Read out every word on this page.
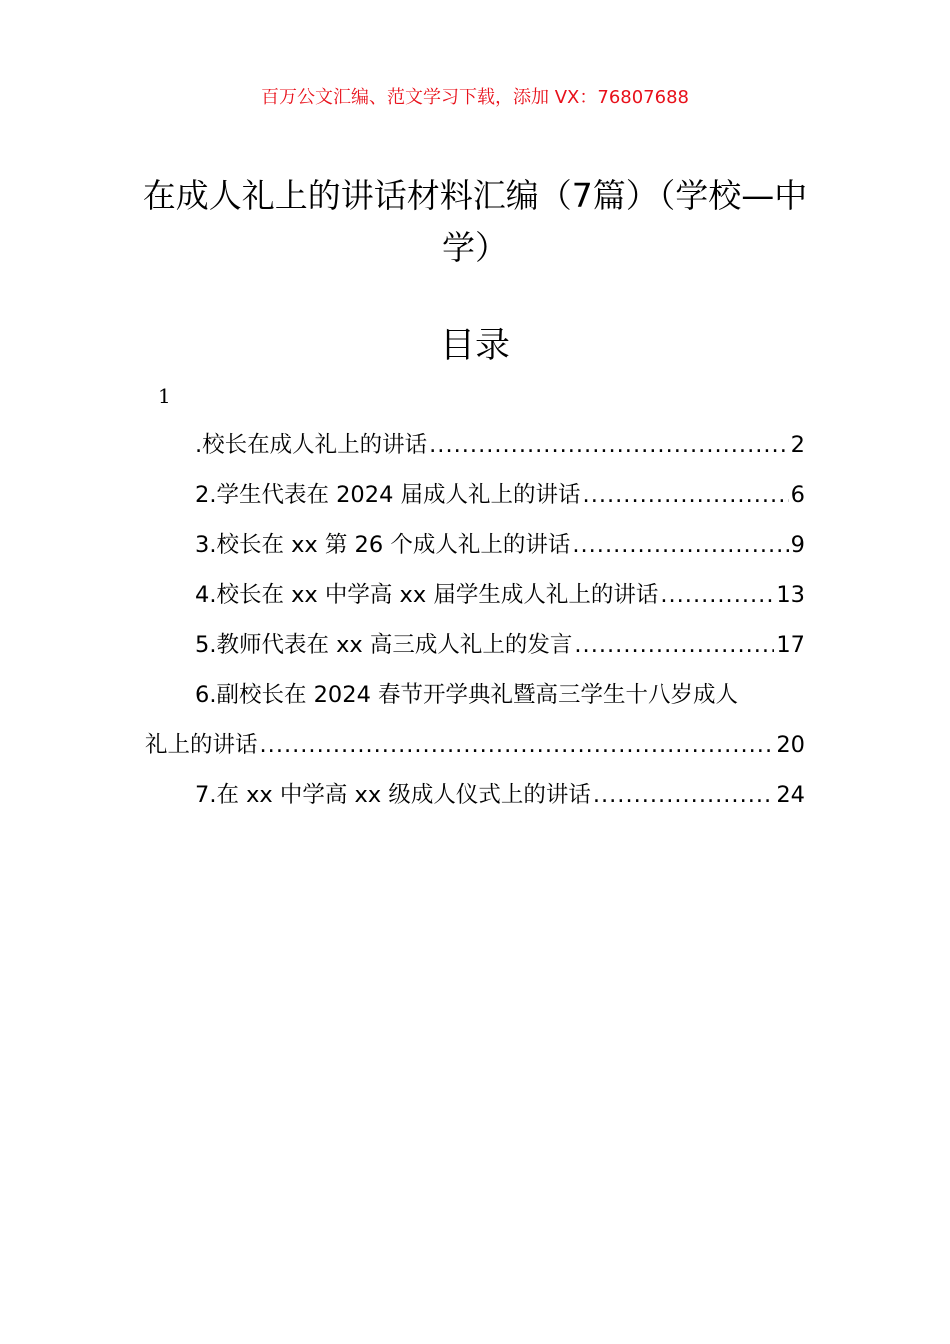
百万公文汇编、范文学习下载，添加 VX：76807688
在成人礼上的讲话材料汇编（7篇）（学校—中学）
目录
1
.校长在成人礼上的讲话 .....	2
2.学生代表在 2024 届成人礼上的讲话 .....	6
3.校长在 xx 第 26 个成人礼上的讲话 .....	9
4.校长在 xx 中学高 xx 届学生成人礼上的讲话 .....	13
5.教师代表在 xx 高三成人礼上的发言 .....	17
6.副校长在 2024 春节开学典礼暨高三学生十八岁成人
礼上的讲话 .....	20
7.在 xx 中学高 xx 级成人仪式上的讲话 .....	24
